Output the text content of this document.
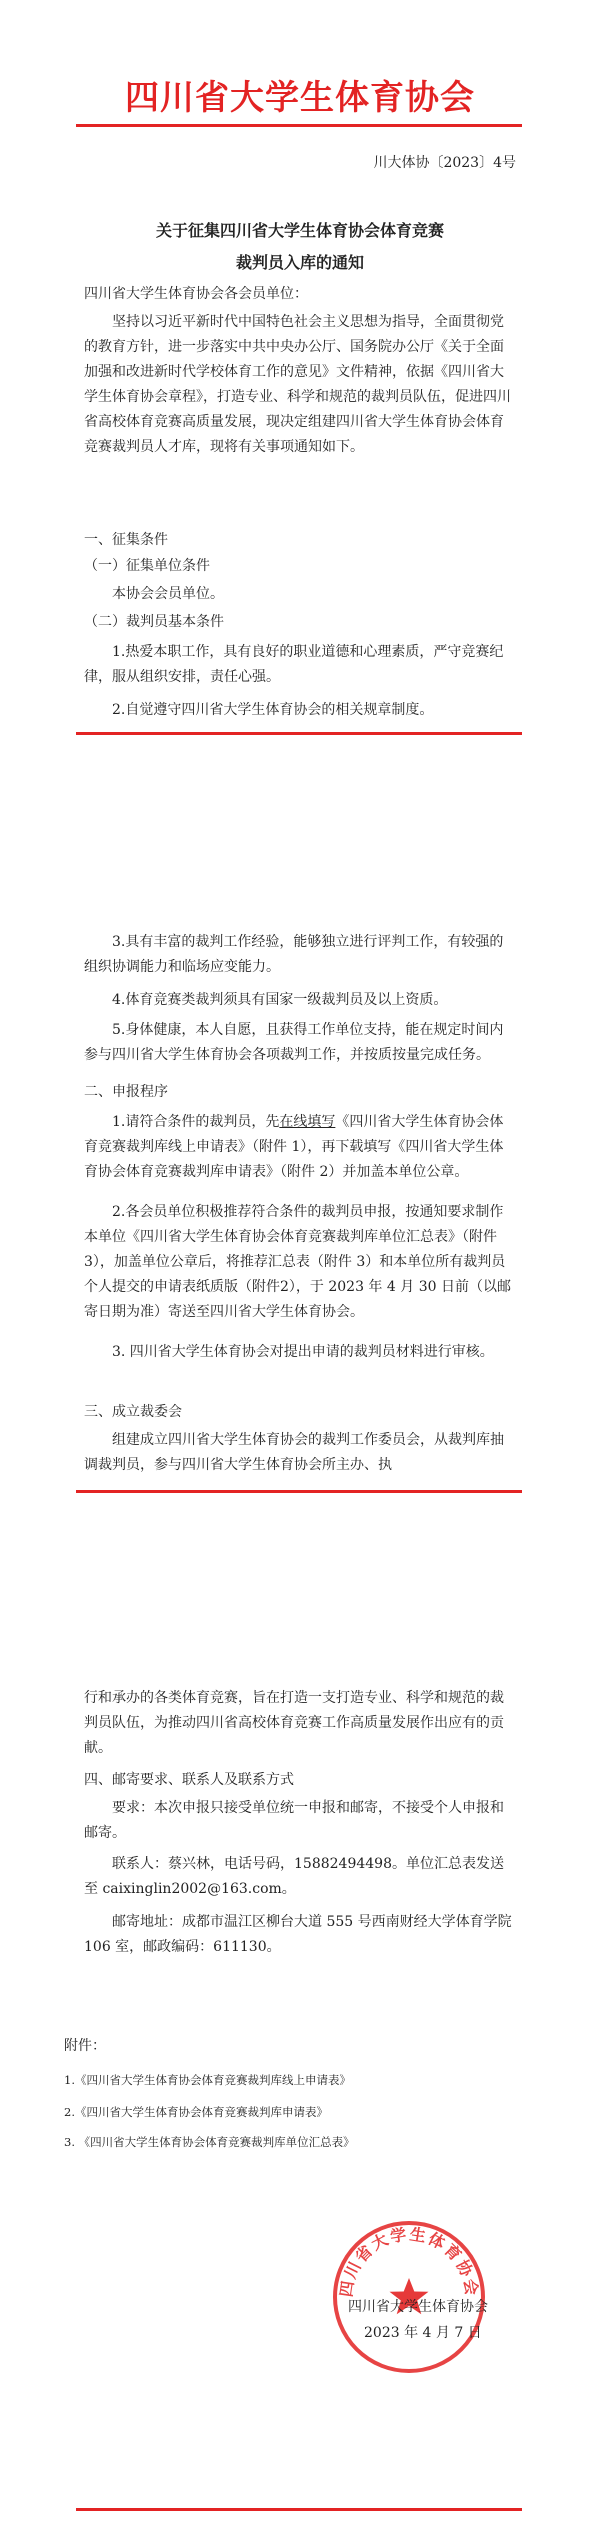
四川省大学生体育协会
川大体协〔2023〕4号
关于征集四川省大学生体育协会体育竞赛
裁判员入库的通知
四川省大学生体育协会各会员单位：
坚持以习近平新时代中国特色社会主义思想为指导，全面贯彻党的教育方针，进一步落实中共中央办公厅、国务院办公厅《关于全面加强和改进新时代学校体育工作的意见》文件精神，依据《四川省大学生体育协会章程》，打造专业、科学和规范的裁判员队伍，促进四川省高校体育竞赛高质量发展，现决定组建四川省大学生体育协会体育竞赛裁判员人才库，现将有关事项通知如下。
一、征集条件
（一）征集单位条件
本协会会员单位。
（二）裁判员基本条件
1.热爱本职工作，具有良好的职业道德和心理素质，严守竞赛纪律，服从组织安排，责任心强。
2.自觉遵守四川省大学生体育协会的相关规章制度。
3.具有丰富的裁判工作经验，能够独立进行评判工作，有较强的组织协调能力和临场应变能力。
4.体育竞赛类裁判须具有国家一级裁判员及以上资质。
5.身体健康，本人自愿，且获得工作单位支持，能在规定时间内参与四川省大学生体育协会各项裁判工作，并按质按量完成任务。
二、申报程序
1.请符合条件的裁判员，先在线填写《四川省大学生体育协会体育竞赛裁判库线上申请表》（附件 1），再下载填写《四川省大学生体育协会体育竞赛裁判库申请表》（附件 2）并加盖本单位公章。
2.各会员单位积极推荐符合条件的裁判员申报，按通知要求制作本单位《四川省大学生体育协会体育竞赛裁判库单位汇总表》（附件3），加盖单位公章后，将推荐汇总表（附件 3）和本单位所有裁判员个人提交的申请表纸质版（附件2），于 2023 年 4 月 30 日前（以邮寄日期为准）寄送至四川省大学生体育协会。
3. 四川省大学生体育协会对提出申请的裁判员材料进行审核。
三、成立裁委会
组建成立四川省大学生体育协会的裁判工作委员会，从裁判库抽调裁判员，参与四川省大学生体育协会所主办、执
行和承办的各类体育竞赛，旨在打造一支打造专业、科学和规范的裁判员队伍，为推动四川省高校体育竞赛工作高质量发展作出应有的贡献。
四、邮寄要求、联系人及联系方式
要求：本次申报只接受单位统一申报和邮寄，不接受个人申报和邮寄。
联系人：蔡兴林，电话号码，15882494498。单位汇总表发送至 caixinglin2002@163.com。
邮寄地址：成都市温江区柳台大道 555 号西南财经大学体育学院 106 室，邮政编码：611130。
附件：
1.《四川省大学生体育协会体育竞赛裁判库线上申请表》
2.《四川省大学生体育协会体育竞赛裁判库申请表》
3. 《四川省大学生体育协会体育竞赛裁判库单位汇总表》
四川省大学生体育协会
四川省大学生体育协会
2023 年 4 月 7 日
